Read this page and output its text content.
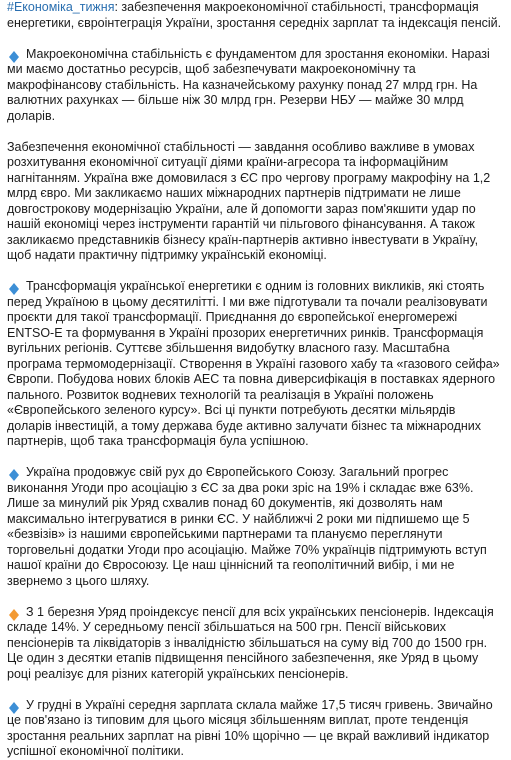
#Економіка_тижня: забезпечення макроекономічної стабільності, трансформація енергетики, євроінтеграція України, зростання середніх зарплат та індексація пенсій.

Макроекономічна стабільність є фундаментом для зростання економіки. Наразі ми маємо достатньо ресурсів, щоб забезпечувати макроекономічну та макрофінансову стабільність. На казначейському рахунку понад 27 млрд грн. На валютних рахунках — більше ніж 30 млрд грн. Резерви НБУ — майже 30 млрд доларів.

Забезпечення економічної стабільності — завдання особливо важливе в умовах розхитування економічної ситуації діями країни-агресора та інформаційним нагнітанням. Україна вже домовилася з ЄС про чергову програму макрофіну на 1,2 млрд євро. Ми закликаємо наших міжнародних партнерів підтримати не лише довгострокову модернізацію України, але й допомогти зараз пом'якшити удар по нашій економіці через інструменти гарантій чи пільгового фінансування. А також закликаємо представників бізнесу країн-партнерів активно інвестувати в Україну, щоб надати практичну підтримку українській економіці.

Трансформація української енергетики є одним із головних викликів, які стоять перед Україною в цьому десятилітті. І ми вже підготували та почали реалізовувати проєкти для такої трансформації. Приєднання до європейської енергомережі ENTSO-E та формування в Україні прозорих енергетичних ринків. Трансформація вугільних регіонів. Суттєве збільшення видобутку власного газу. Масштабна програма термомодернізації. Створення в Україні газового хабу та «газового сейфа» Європи. Побудова нових блоків АЕС та повна диверсифікація в поставках ядерного пального. Розвиток водневих технологій та реалізація в Україні положень «Європейського зеленого курсу». Всі ці пункти потребують десятки мільярдів доларів інвестицій, а тому держава буде активно залучати бізнес та міжнародних партнерів, щоб така трансформація була успішною.

Україна продовжує свій рух до Європейського Союзу. Загальний прогрес виконання Угоди про асоціацію з ЄС за два роки зріс на 19% і складає вже 63%. Лише за минулий рік Уряд схвалив понад 60 документів, які дозволять нам максимально інтегруватися в ринки ЄС. У найближчі 2 роки ми підпишемо ще 5 «безвізів» із нашими європейськими партнерами та плануємо переглянути торговельні додатки Угоди про асоціацію. Майже 70% українців підтримують вступ нашої країни до Євросоюзу. Це наш ціннісний та геополітичний вибір, і ми не звернемо з цього шляху.

З 1 березня Уряд проіндексує пенсії для всіх українських пенсіонерів. Індексація складе 14%. У середньому пенсії збільшаться на 500 грн. Пенсії військових пенсіонерів та ліквідаторів з інвалідністю збільшаться на суму від 700 до 1500 грн. Це один з десятки етапів підвищення пенсійного забезпечення, яке Уряд в цьому році реалізує для різних категорій українських пенсіонерів.

У грудні в Україні середня зарплата склала майже 17,5 тисяч гривень. Звичайно це пов'язано із типовим для цього місяця збільшенням виплат, проте тенденція зростання реальних зарплат на рівні 10% щорічно — це вкрай важливий індикатор успішної економічної політики.
